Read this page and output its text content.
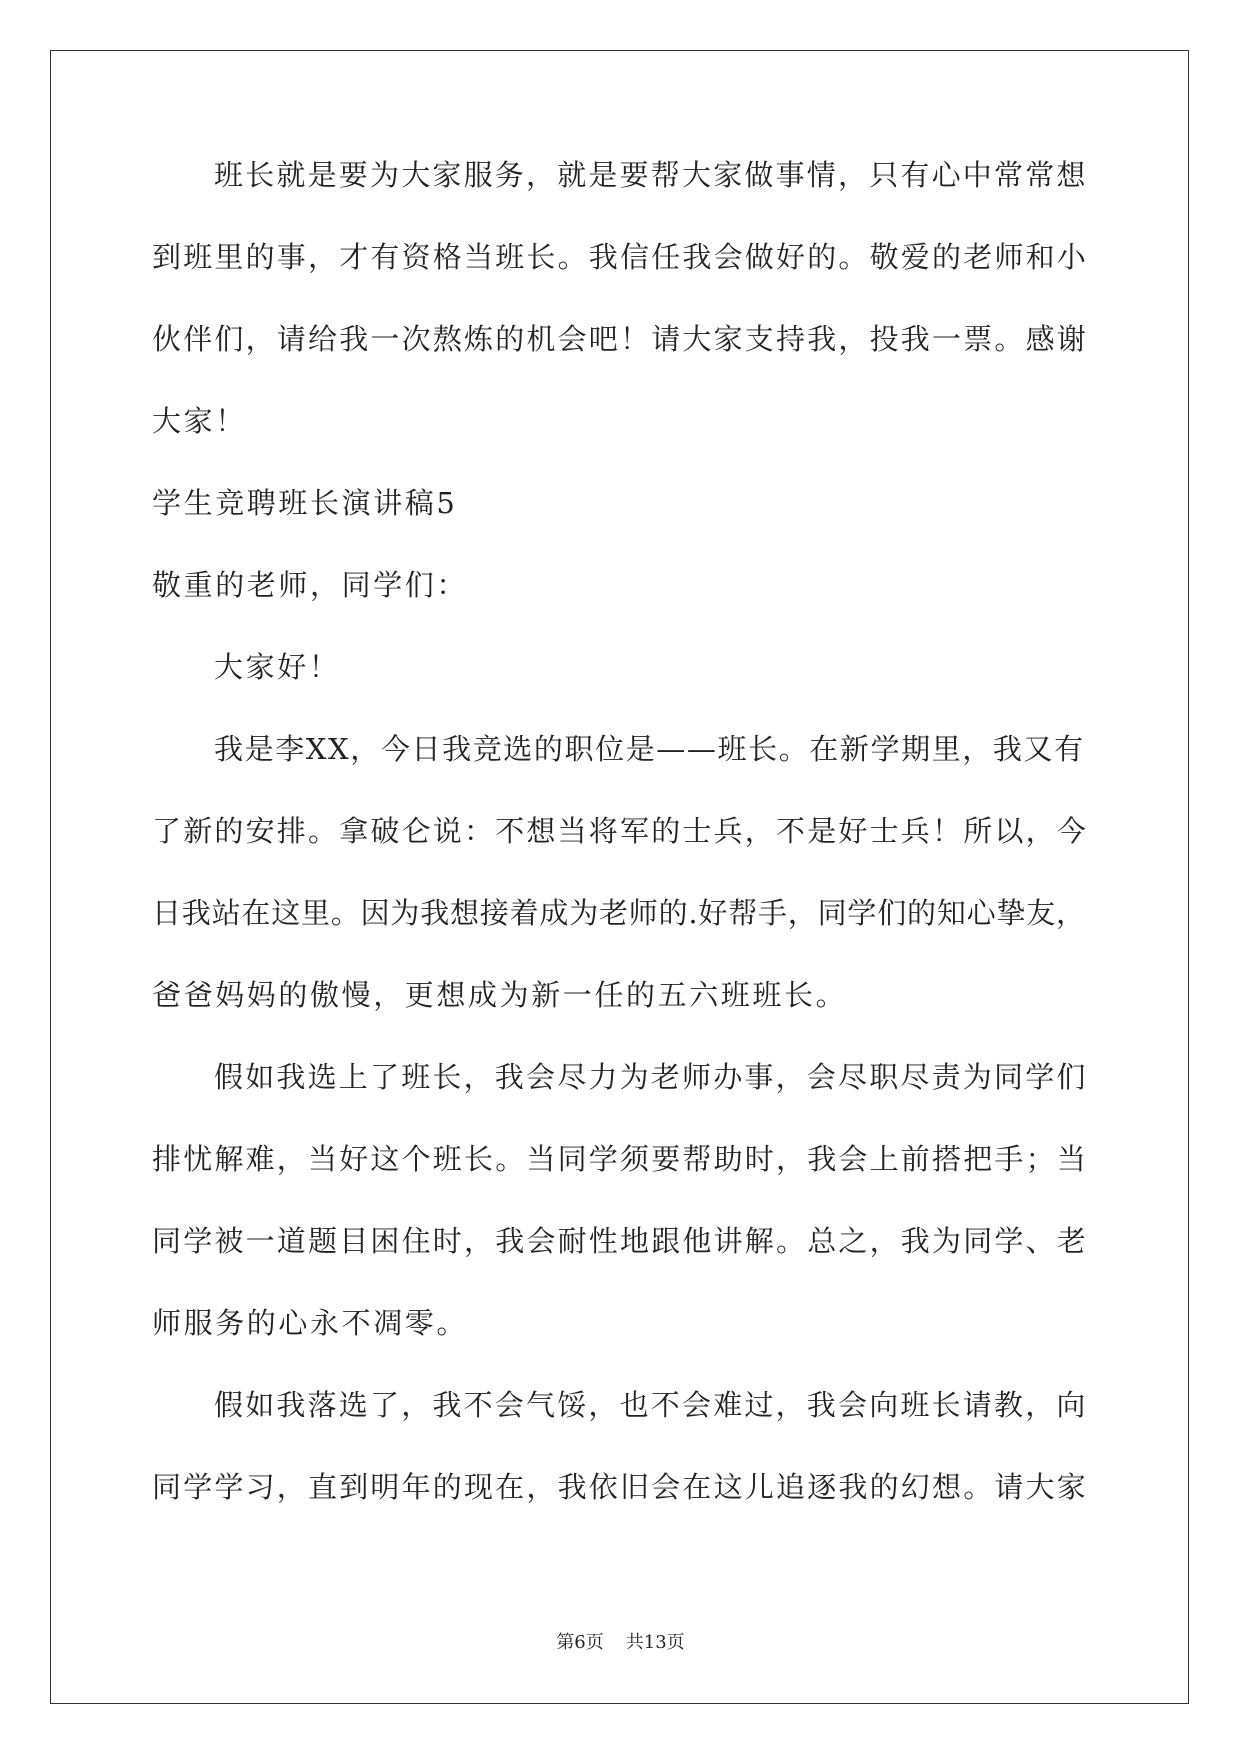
班长就是要为大家服务，就是要帮大家做事情，只有心中常常想
到班里的事，才有资格当班长。我信任我会做好的。敬爱的老师和小
伙伴们，请给我一次熬炼的机会吧！请大家支持我，投我一票。感谢
大家！
学生竞聘班长演讲稿5
敬重的老师，同学们：
大家好！
我是李XX，今日我竞选的职位是——班长。在新学期里，我又有
了新的安排。拿破仑说：不想当将军的士兵，不是好士兵！所以，今
日我站在这里。因为我想接着成为老师的.好帮手，同学们的知心挚友，
爸爸妈妈的傲慢，更想成为新一任的五六班班长。
假如我选上了班长，我会尽力为老师办事，会尽职尽责为同学们
排忧解难，当好这个班长。当同学须要帮助时，我会上前搭把手；当
同学被一道题目困住时，我会耐性地跟他讲解。总之，我为同学、老
师服务的心永不凋零。
假如我落选了，我不会气馁，也不会难过，我会向班长请教，向
同学学习，直到明年的现在，我依旧会在这儿追逐我的幻想。请大家
第6页 共13页
